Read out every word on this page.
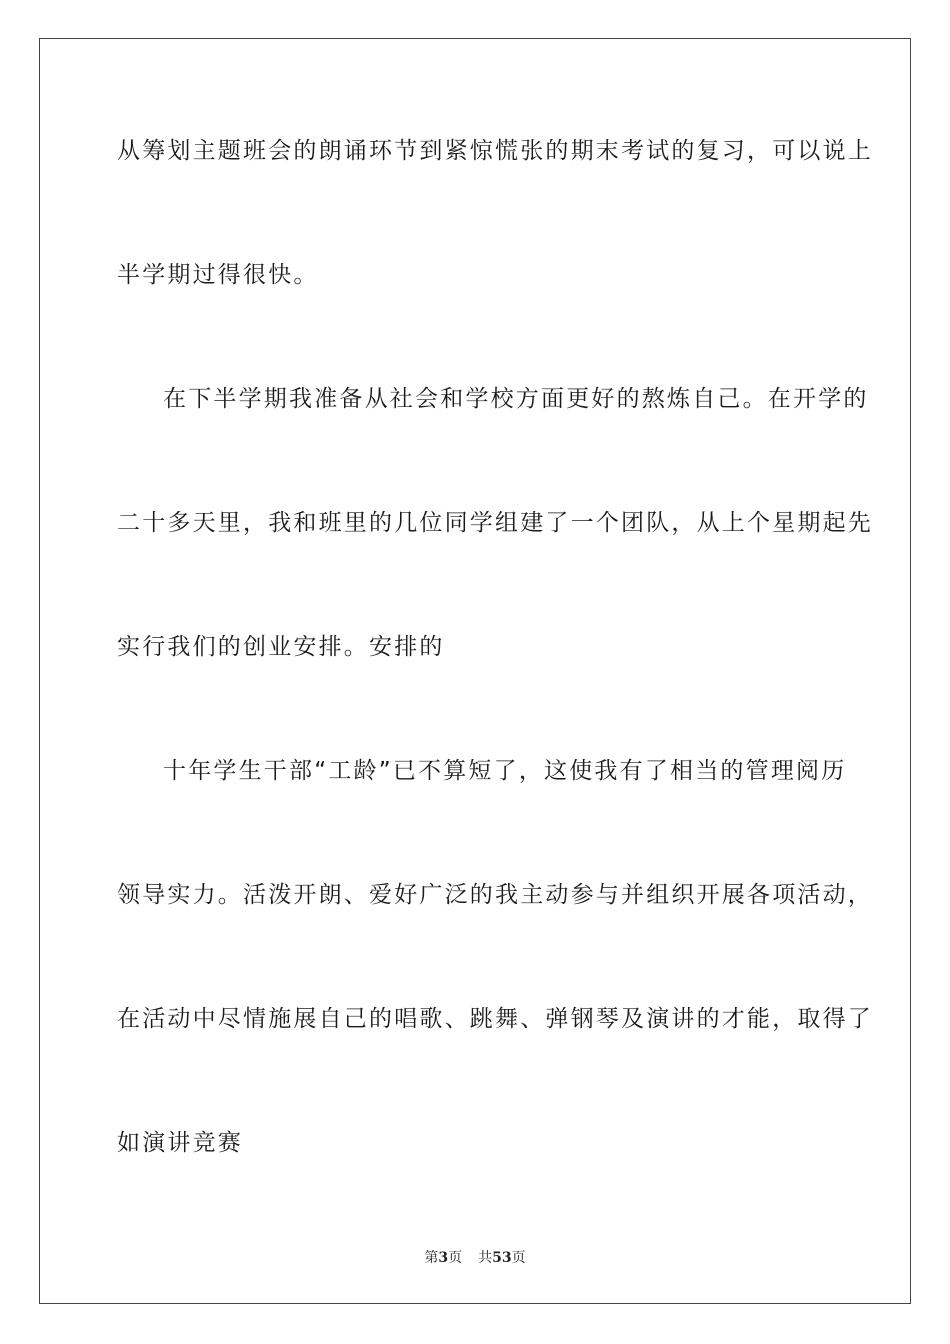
从筹划主题班会的朗诵环节到紧惊慌张的期末考试的复习，可以说上
半学期过得很快。
在下半学期我准备从社会和学校方面更好的熬炼自己。在开学的
二十多天里，我和班里的几位同学组建了一个团队，从上个星期起先
实行我们的创业安排。安排的
十年学生干部“工龄”已不算短了，这使我有了相当的管理阅历
领导实力。活泼开朗、爱好广泛的我主动参与并组织开展各项活动，
在活动中尽情施展自己的唱歌、跳舞、弹钢琴及演讲的才能，取得了
如演讲竞赛
第3页 共53页
